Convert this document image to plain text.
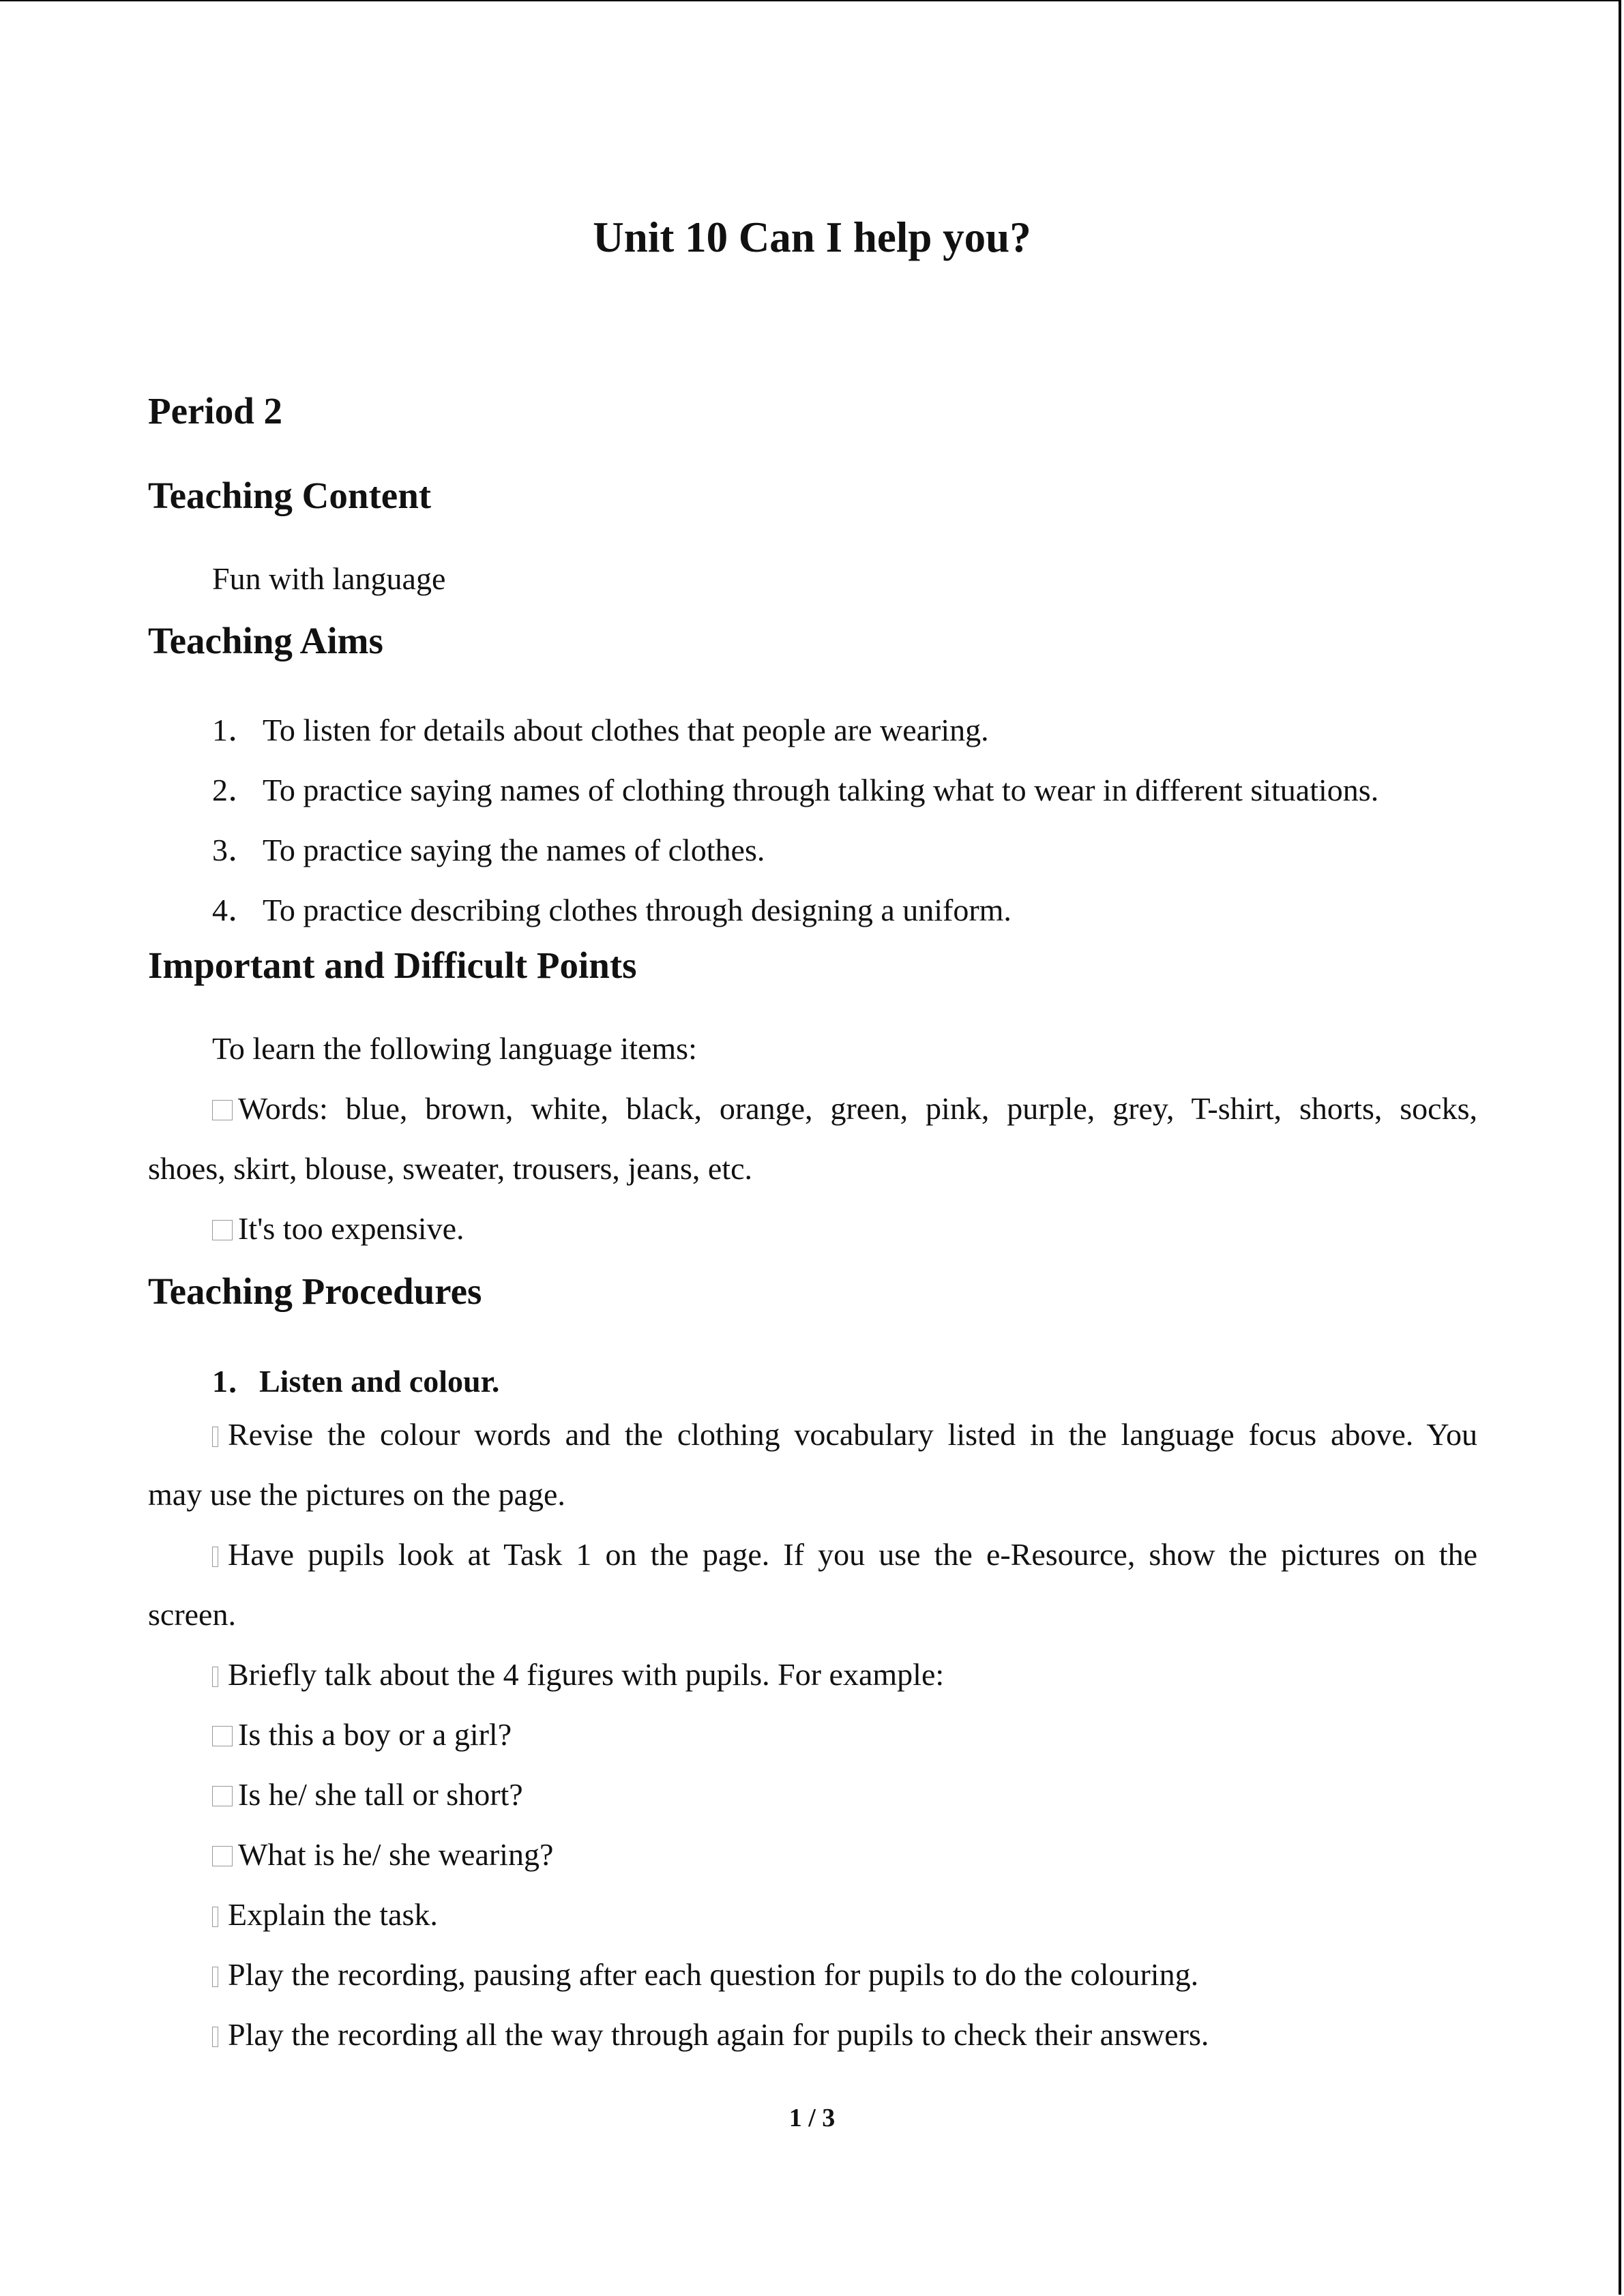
Unit 10 Can I help you?
Period 2
Teaching Content
Fun with language
Teaching Aims
1． To listen for details about clothes that people are wearing.
2． To practice saying names of clothing through talking what to wear in different situations.
3． To practice saying the names of clothes.
4． To practice describing clothes through designing a uniform.
Important and Difficult Points
To learn the following language items:
Words: blue, brown, white, black, orange, green, pink, purple, grey, T-shirt, shorts, socks,
shoes, skirt, blouse, sweater, trousers, jeans, etc.
It's too expensive.
Teaching Procedures
1．Listen and colour.
Revise the colour words and the clothing vocabulary listed in the language focus above. You
may use the pictures on the page.
Have pupils look at Task 1 on the page. If you use the e-Resource, show the pictures on the
screen.
Briefly talk about the 4 figures with pupils. For example:
Is this a boy or a girl?
Is he/ she tall or short?
What is he/ she wearing?
Explain the task.
Play the recording, pausing after each question for pupils to do the colouring.
Play the recording all the way through again for pupils to check their answers.
1 / 3
